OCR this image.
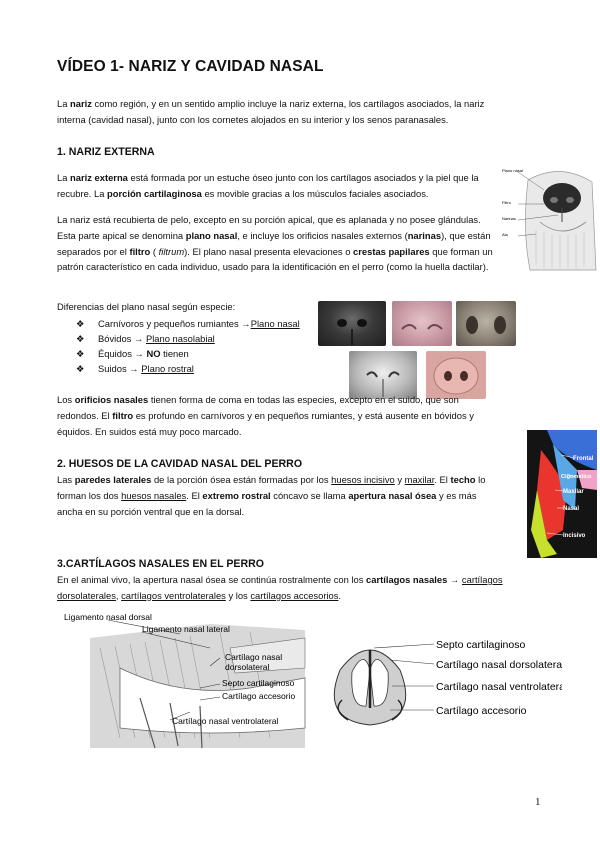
VÍDEO 1- NARIZ Y CAVIDAD NASAL

La nariz como región, y en un sentido amplio incluye la nariz externa, los cartílagos asociados, la nariz interna (cavidad nasal), junto con los cornetes alojados en su interior y los senos paranasales.

1. NARIZ EXTERNA

La nariz externa está formada por un estuche óseo junto con los cartílagos asociados y la piel que la recubre. La porción cartilaginosa es movible gracias a los músculos faciales asociados.

Plano nasal
Filtro
Narinas
Ala

La nariz está recubierta de pelo, excepto en su porción apical, que es aplanada y no posee glándulas. Esta parte apical se denomina plano nasal, e incluye los orificios nasales externos (narinas), que están separados por el filtro ( filtrum). El plano nasal presenta elevaciones o crestas papilares que forman un patrón característico en cada individuo, usado para la identificación en el perro (como la huella dactilar).

Diferencias del plano nasal según especie:
❖ Carnívoros y pequeños rumiantes →Plano nasal
❖ Bóvidos → Plano nasolabial
❖ Équidos → NO tienen
❖ Suidos → Plano rostral

Los orificios nasales tienen forma de coma en todas las especies, excepto en el suido, que son redondos. El filtro es profundo en carnívoros y en pequeños rumiantes, y está ausente en bóvidos y équidos. En suidos está muy poco marcado.

2. HUESOS DE LA CAVIDAD NASAL DEL PERRO

Las paredes laterales de la porción ósea están formadas por los huesos incisivo y maxilar. El techo lo forman los dos huesos nasales. El extremo rostral cóncavo se llama apertura nasal ósea y es más ancha en su porción ventral que en la dorsal.

Frontal
Cigomático
Maxilar
Nasal
Incisivo
3.CARTÍLAGOS NASALES EN EL PERRO

En el animal vivo, la apertura nasal ósea se continúa rostralmente con los cartílagos nasales → cartílagos dorsolaterales, cartílagos ventrolaterales y los cartílagos accesorios.

Ligamento nasal dorsal
Ligamento nasal lateral
Cartílago nasal
dorsolateral
Septo cartilaginoso
Cartílago accesorio
Cartílago nasal ventrolateral
Septo cartilaginoso
Cartílago nasal dorsolateral
Cartílago nasal ventrolateral
Cartílago accesorio
1
